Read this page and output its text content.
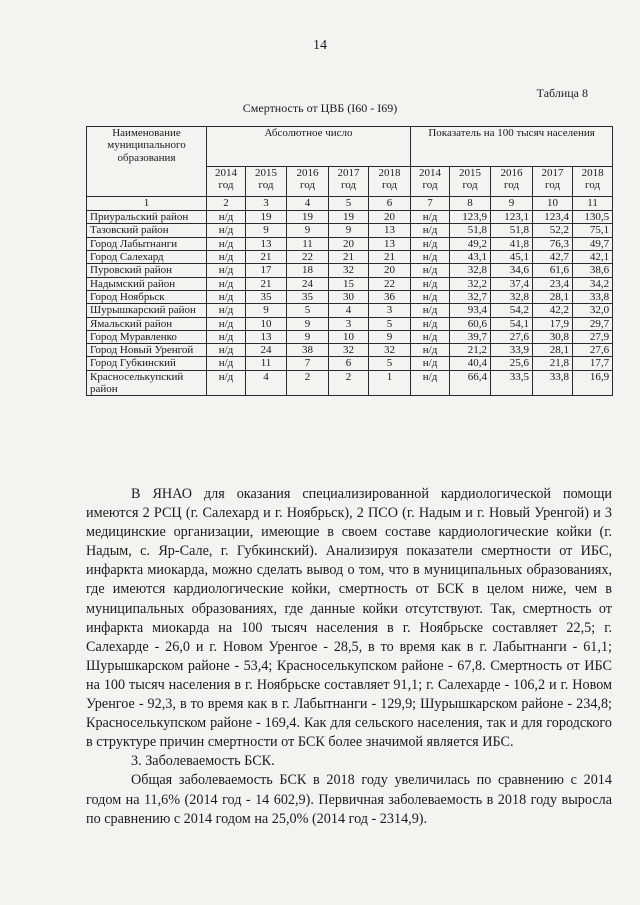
14
Таблица 8
Смертность от ЦВБ (I60 - I69)
Наименование муниципального образования	Абсолютное число					Показатель на 100 тысяч населения				
	2014 год	2015 год	2016 год	2017 год	2018 год	2014 год	2015 год	2016 год	2017 год	2018 год
1	2	3	4	5	6	7	8	9	10	11
Приуральский район	н/д	19	19	19	20	н/д	123,9	123,1	123,4	130,5
Тазовский район	н/д	9	9	9	13	н/д	51,8	51,8	52,2	75,1
Город Лабытнанги	н/д	13	11	20	13	н/д	49,2	41,8	76,3	49,7
Город Салехард	н/д	21	22	21	21	н/д	43,1	45,1	42,7	42,1
Пуровский район	н/д	17	18	32	20	н/д	32,8	34,6	61,6	38,6
Надымский район	н/д	21	24	15	22	н/д	32,2	37,4	23,4	34,2
Город Ноябрьск	н/д	35	35	30	36	н/д	32,7	32,8	28,1	33,8
Шурышкарский район	н/д	9	5	4	3	н/д	93,4	54,2	42,2	32,0
Ямальский район	н/д	10	9	3	5	н/д	60,6	54,1	17,9	29,7
Город Муравленко	н/д	13	9	10	9	н/д	39,7	27,6	30,8	27,9
Город Новый Уренгой	н/д	24	38	32	32	н/д	21,2	33,9	28,1	27,6
Город Губкинский	н/д	11	7	6	5	н/д	40,4	25,6	21,8	17,7
Красноселькупский район	н/д	4	2	2	1	н/д	66,4	33,5	33,8	16,9

В ЯНАО для оказания специализированной кардиологической помощи имеются 2 РСЦ (г. Салехард и г. Ноябрьск), 2 ПСО (г. Надым и г. Новый Уренгой) и 3 медицинские организации, имеющие в своем составе кардиологические койки (г. Надым, с. Яр-Сале, г. Губкинский). Анализируя показатели смертности от ИБС, инфаркта миокарда, можно сделать вывод о том, что в муниципальных образованиях, где имеются кардиологические койки, смертность от БСК в целом ниже, чем в муниципальных образованиях, где данные койки отсутствуют. Так, смертность от инфаркта миокарда на 100 тысяч населения в г. Ноябрьске составляет 22,5; г. Салехарде - 26,0 и г. Новом Уренгое - 28,5, в то время как в г. Лабытнанги - 61,1; Шурышкарском районе - 53,4; Красноселькупском районе - 67,8. Смертность от ИБС на 100 тысяч населения в г. Ноябрьске составляет 91,1; г. Салехарде - 106,2 и г. Новом Уренгое - 92,3, в то время как в г. Лабытнанги - 129,9; Шурышкарском районе - 234,8; Красноселькупском районе - 169,4. Как для сельского населения, так и для городского в структуре причин смертности от БСК более значимой является ИБС.

3. Заболеваемость БСК.

Общая заболеваемость БСК в 2018 году увеличилась по сравнению с 2014 годом на 11,6% (2014 год - 14 602,9). Первичная заболеваемость в 2018 году выросла по сравнению с 2014 годом на 25,0% (2014 год - 2314,9).
